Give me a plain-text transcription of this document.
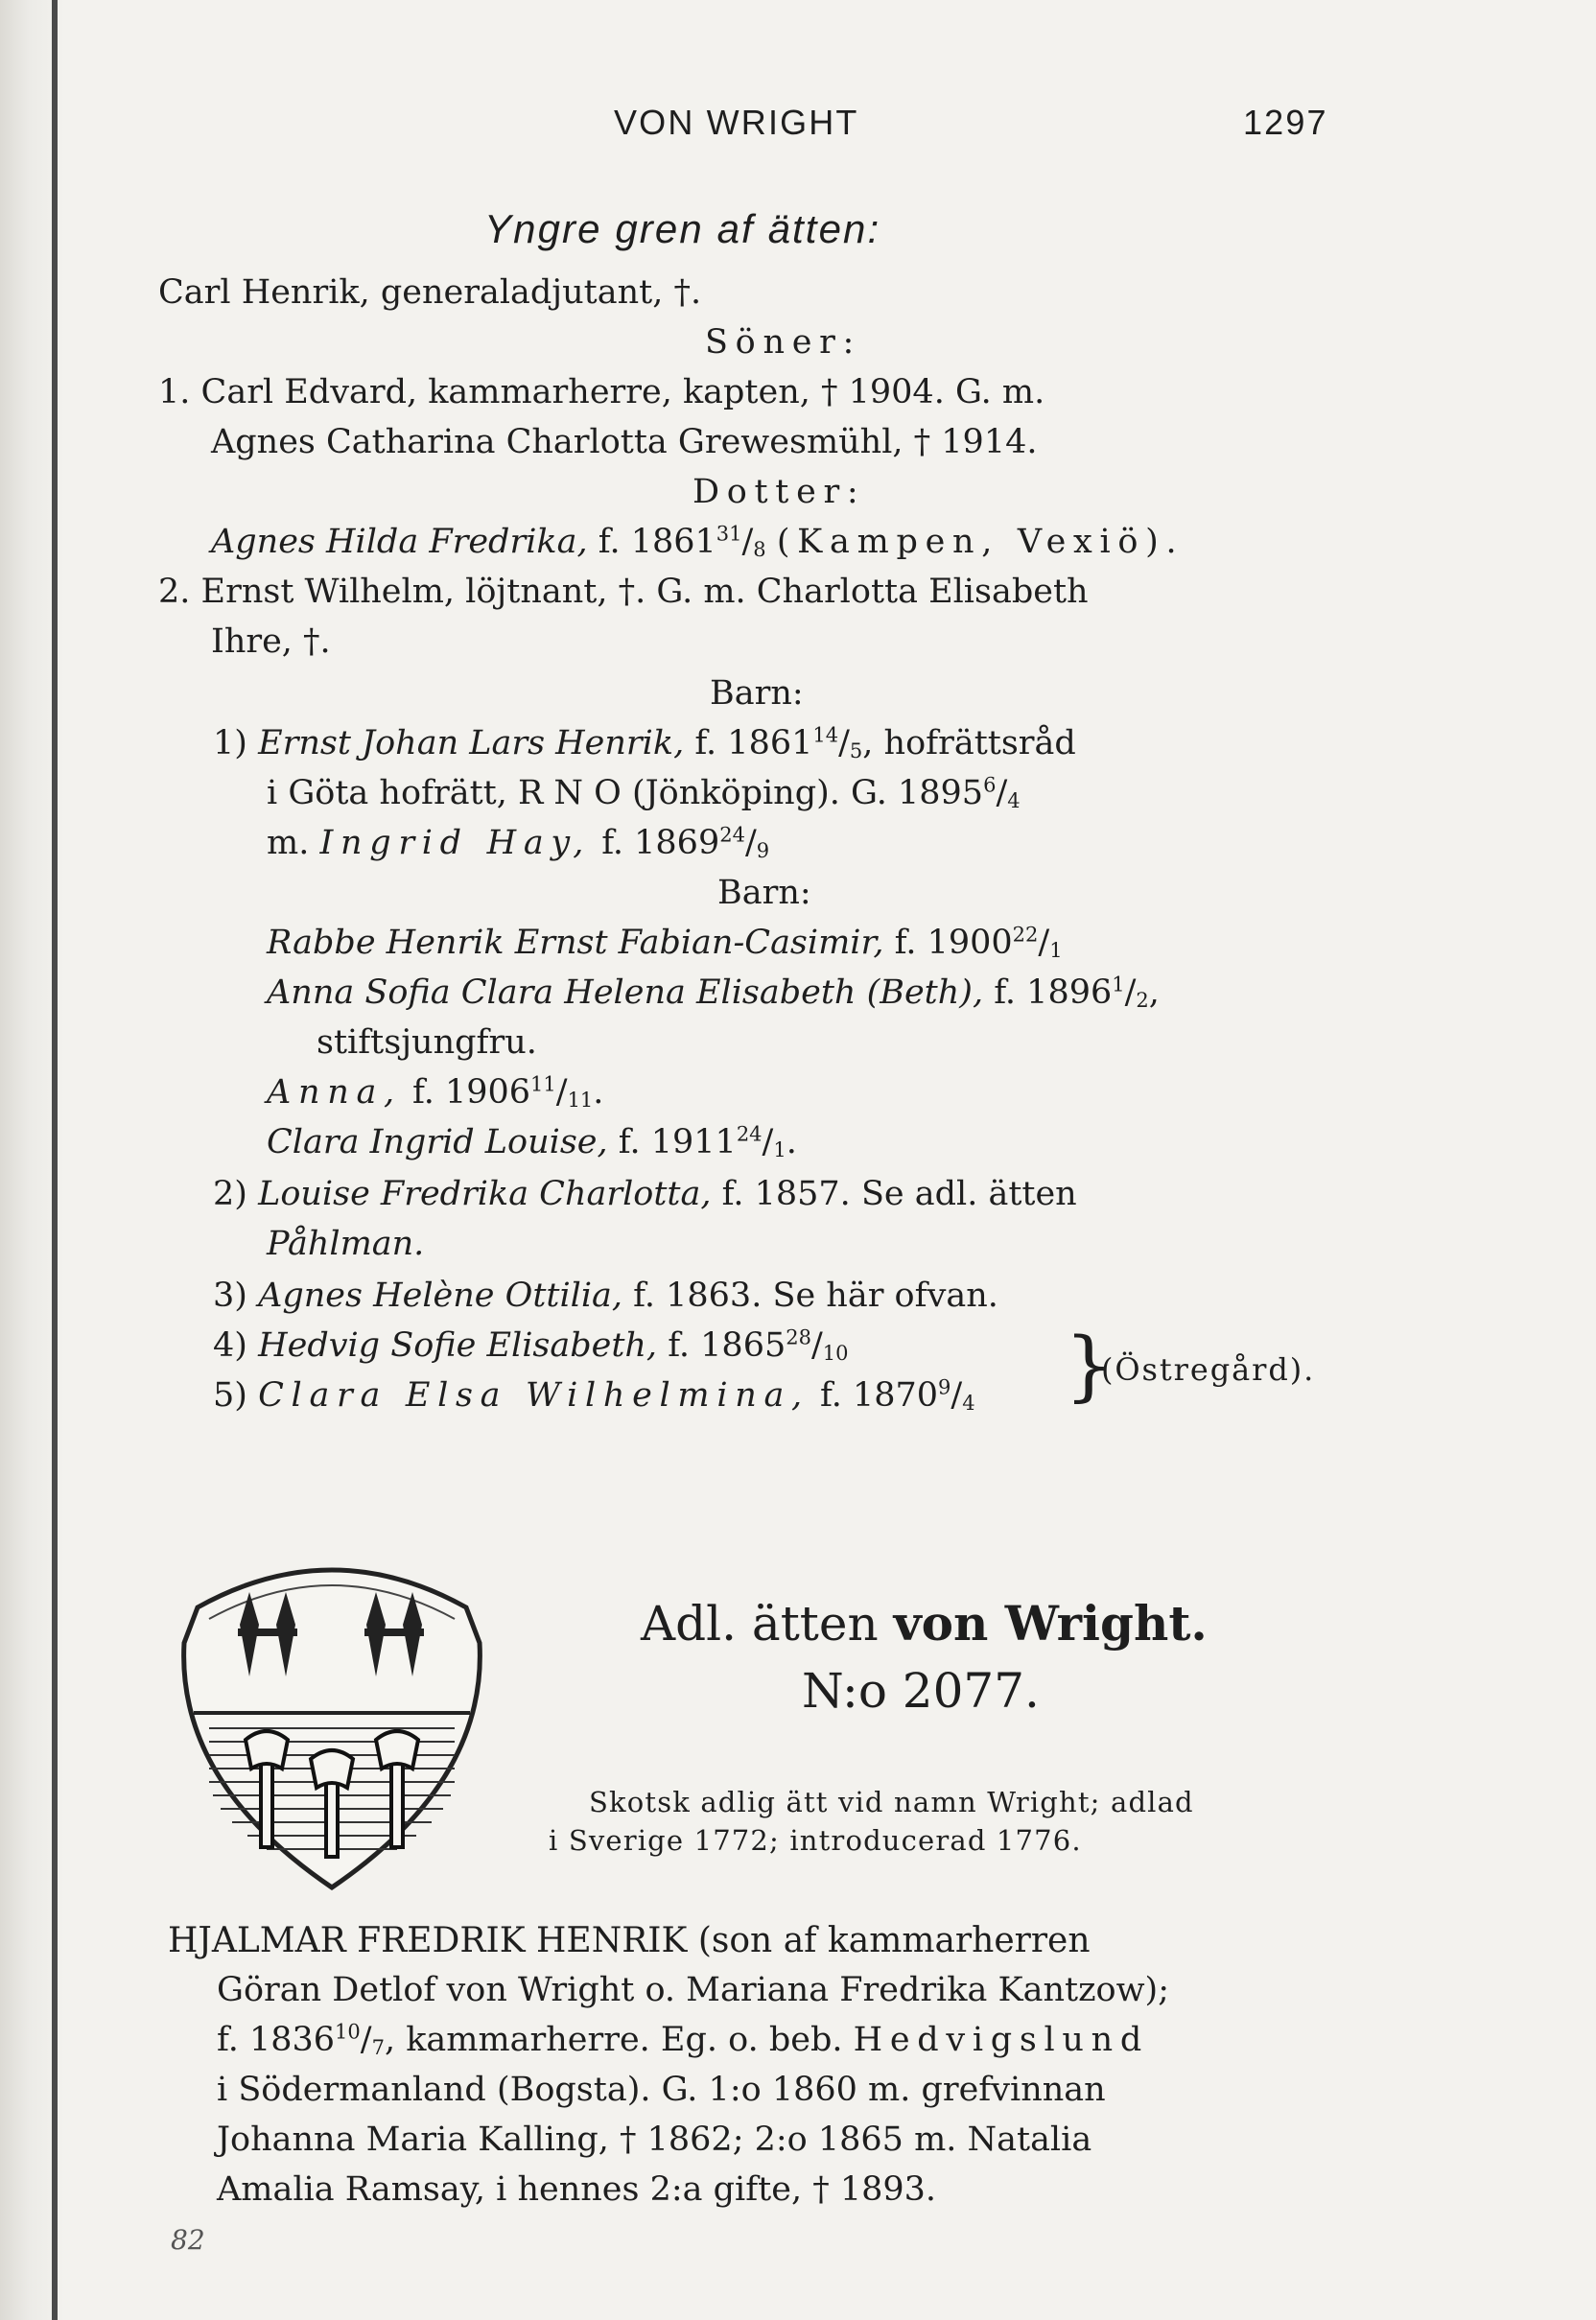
VON WRIGHT	1297
Yngre gren af ätten:
Carl Henrik, generaladjutant, †.
Söner:
1. Carl Edvard, kammarherre, kapten, † 1904. G. m.
Agnes Catharina Charlotta Grewesmühl, † 1914.
Dotter:
Agnes Hilda Fredrika, f. $1861^{31}/_8$ (Kampen, Vexiö).
2. Ernst Wilhelm, löjtnant, †. G. m. Charlotta Elisabeth
Ihre, †.
Barn:
1) Ernst Johan Lars Henrik, f. $1861^{14}/_5$, hofrättsråd
i Göta hofrätt, R N O (Jönköping). G. $1895^6/_4$
m. Ingrid Hay, f. $1869^{24}/_9$
Barn:
Rabbe Henrik Ernst Fabian-Casimir, f. $1900^{22}/_1$
Anna Sofia Clara Helena Elisabeth (Beth), f. $1896^1/_2$,
stiftsjungfru.
Anna, f. $1906^{11}/_{11}$.
Clara Ingrid Louise, f. $1911^{24}/_1$.
2) Louise Fredrika Charlotta, f. 1857. Se adl. ätten
Påhlman.
3) Agnes Helène Ottilia, f. 1863. Se här ofvan.
4) Hedvig Sofie Elisabeth, f. $1865^{28}/_{10}$
5) Clara Elsa Wilhelmina, f. $1870^9/_4$ }
(Östregård).
Adl. ätten von Wright.
N:o 2077.
Skotsk adlig ätt vid namn Wright; adlad
i Sverige 1772; introducerad 1776.
HJALMAR FREDRIK HENRIK (son af kammarherren
Göran Detlof von Wright o. Mariana Fredrika Kantzow);
f. $1836^{10}/_7$, kammarherre. Eg. o. beb. Hedvigslund
i Södermanland (Bogsta). G. 1:o 1860 m. grefvinnan
Johanna Maria Kalling, † 1862; 2:o 1865 m. Natalia
Amalia Ramsay, i hennes 2:a gifte, † 1893.
82
